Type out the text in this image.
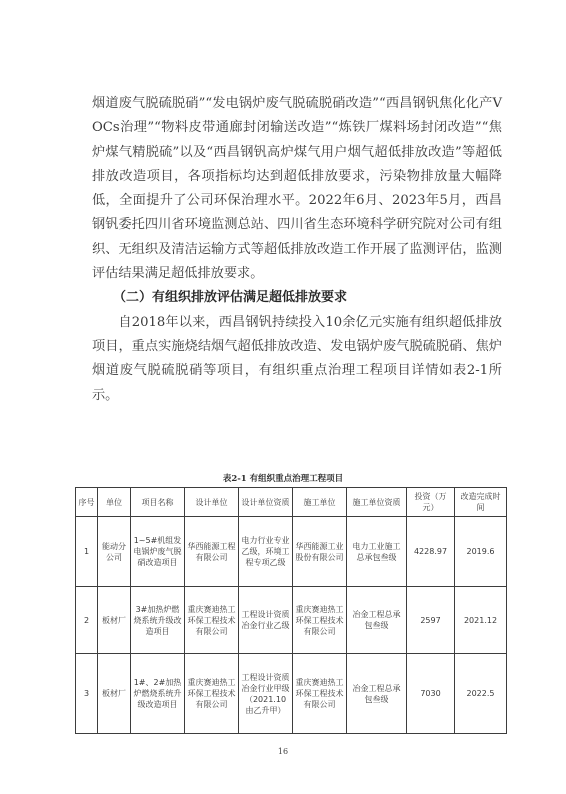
烟道废气脱硫脱硝”“发电锅炉废气脱硫脱硝改造”“西昌钢钒焦化化产VOCs治理”“物料皮带通廊封闭输送改造”“炼铁厂煤料场封闭改造”“焦炉煤气精脱硫”以及“西昌钢钒高炉煤气用户烟气超低排放改造”等超低排放改造项目，各项指标均达到超低排放要求，污染物排放量大幅降低，全面提升了公司环保治理水平。2022年6月、2023年5月，西昌钢钒委托四川省环境监测总站、四川省生态环境科学研究院对公司有组织、无组织及清洁运输方式等超低排放改造工作开展了监测评估，监测评估结果满足超低排放要求。

（二）有组织排放评估满足超低排放要求

自2018年以来，西昌钢钒持续投入10余亿元实施有组织超低排放项目，重点实施烧结烟气超低排放改造、发电锅炉废气脱硫脱硝、焦炉烟道废气脱硫脱硝等项目，有组织重点治理工程项目详情如表2-1所示。

表2-1 有组织重点治理工程项目
序号	单位	项目名称	设计单位	设计单位资质	施工单位	施工单位资质	投资（万元）	改造完成时间
1	能动分公司	1~5#机组发电锅炉废气脱硝改造项目	华西能源工程有限公司	电力行业专业乙级，环境工程专项乙级	华西能源工业股份有限公司	电力工业施工总承包叁级	4228.97	2019.6
2	板材厂	3#加热炉燃烧系统升级改造项目	重庆赛迪热工环保工程技术有限公司	工程设计资质冶金行业乙级	重庆赛迪热工环保工程技术有限公司	冶金工程总承包叁级	2597	2021.12
3	板材厂	1#、2#加热炉燃烧系统升级改造项目	重庆赛迪热工环保工程技术有限公司	工程设计资质冶金行业甲级（2021.10由乙升甲）	重庆赛迪热工环保工程技术有限公司	冶金工程总承包叁级	7030	2022.5
16
